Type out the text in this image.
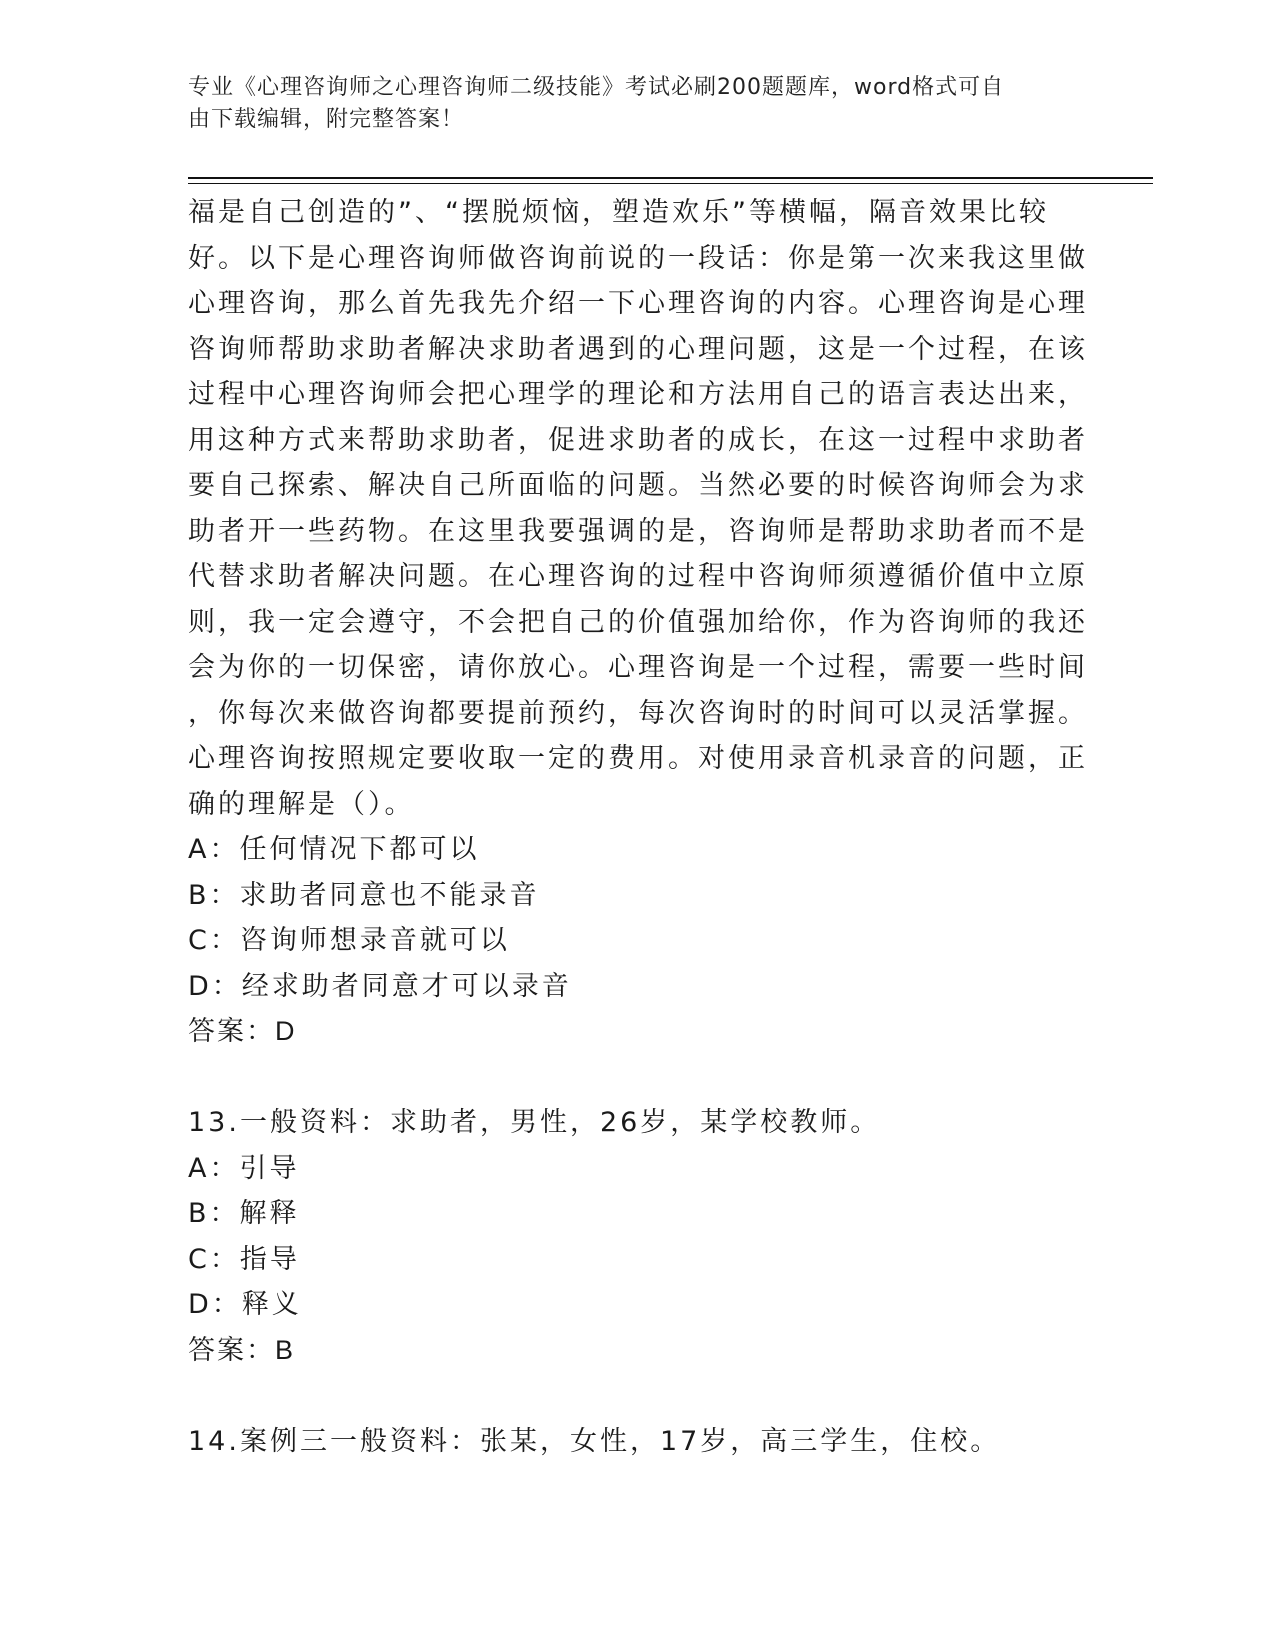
专业《心理咨询师之心理咨询师二级技能》考试必刷200题题库，word格式可自
由下载编辑，附完整答案！
福是自己创造的”、“摆脱烦恼，塑造欢乐”等横幅，隔音效果比较
好。以下是心理咨询师做咨询前说的一段话：你是第一次来我这里做
心理咨询，那么首先我先介绍一下心理咨询的内容。心理咨询是心理
咨询师帮助求助者解决求助者遇到的心理问题，这是一个过程，在该
过程中心理咨询师会把心理学的理论和方法用自己的语言表达出来，
用这种方式来帮助求助者，促进求助者的成长，在这一过程中求助者
要自己探索、解决自己所面临的问题。当然必要的时候咨询师会为求
助者开一些药物。在这里我要强调的是，咨询师是帮助求助者而不是
代替求助者解决问题。在心理咨询的过程中咨询师须遵循价值中立原
则，我一定会遵守，不会把自己的价值强加给你，作为咨询师的我还
会为你的一切保密，请你放心。心理咨询是一个过程，需要一些时间
，你每次来做咨询都要提前预约，每次咨询时的时间可以灵活掌握。
心理咨询按照规定要收取一定的费用。对使用录音机录音的问题，正
确的理解是（）。
A：任何情况下都可以
B：求助者同意也不能录音
C：咨询师想录音就可以
D：经求助者同意才可以录音
答案：D
13.一般资料：求助者，男性，26岁，某学校教师。
A：引导
B：解释
C：指导
D：释义
答案：B
14.案例三一般资料：张某，女性，17岁，高三学生，住校。
